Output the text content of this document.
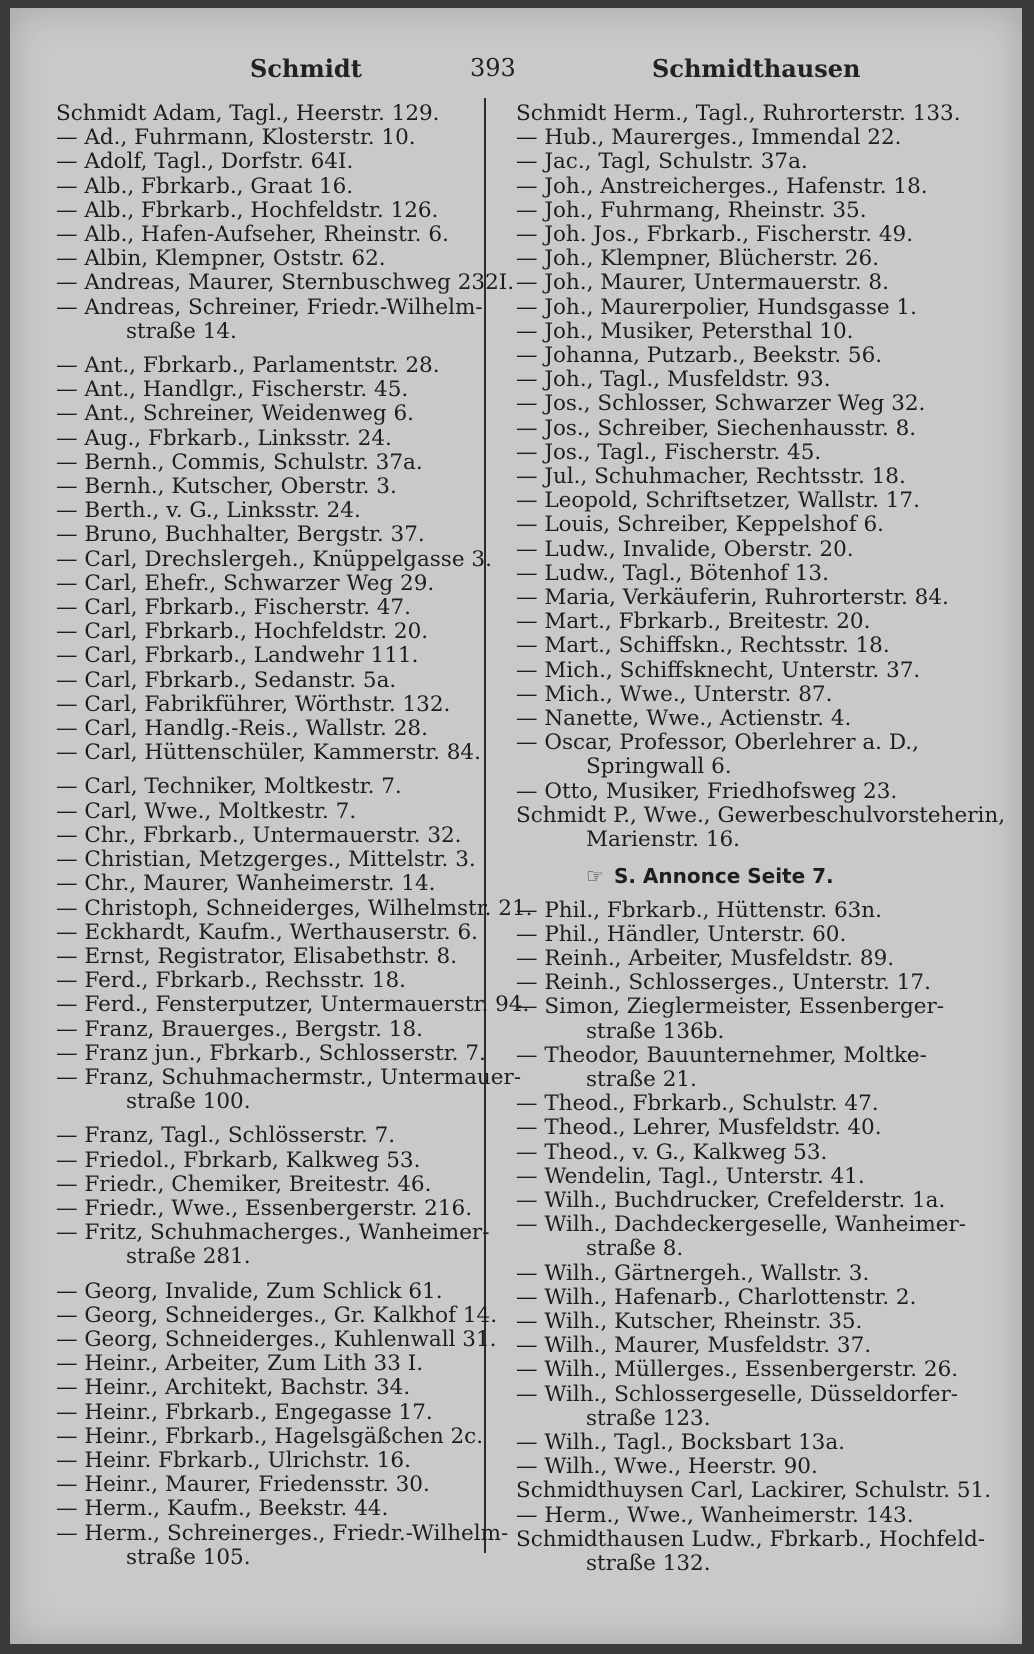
Schmidt	393	Schmidthausen
Schmidt Adam, Tagl., Heerstr. 129.
— Ad., Fuhrmann, Klosterstr. 10.
— Adolf, Tagl., Dorfstr. 64I.
— Alb., Fbrkarb., Graat 16.
— Alb., Fbrkarb., Hochfeldstr. 126.
— Alb., Hafen-Aufseher, Rheinstr. 6.
— Albin, Klempner, Oststr. 62.
— Andreas, Maurer, Sternbuschweg 232I.
— Andreas, Schreiner, Friedr.-Wilhelm-
straße 14.
— Ant., Fbrkarb., Parlamentstr. 28.
— Ant., Handlgr., Fischerstr. 45.
— Ant., Schreiner, Weidenweg 6.
— Aug., Fbrkarb., Linksstr. 24.
— Bernh., Commis, Schulstr. 37a.
— Bernh., Kutscher, Oberstr. 3.
— Berth., v. G., Linksstr. 24.
— Bruno, Buchhalter, Bergstr. 37.
— Carl, Drechslergeh., Knüppelgasse 3.
— Carl, Ehefr., Schwarzer Weg 29.
— Carl, Fbrkarb., Fischerstr. 47.
— Carl, Fbrkarb., Hochfeldstr. 20.
— Carl, Fbrkarb., Landwehr 111.
— Carl, Fbrkarb., Sedanstr. 5a.
— Carl, Fabrikführer, Wörthstr. 132.
— Carl, Handlg.-Reis., Wallstr. 28.
— Carl, Hüttenschüler, Kammerstr. 84.
— Carl, Techniker, Moltkestr. 7.
— Carl, Wwe., Moltkestr. 7.
— Chr., Fbrkarb., Untermauerstr. 32.
— Christian, Metzgerges., Mittelstr. 3.
— Chr., Maurer, Wanheimerstr. 14.
— Christoph, Schneiderges, Wilhelmstr. 21.
— Eckhardt, Kaufm., Werthauserstr. 6.
— Ernst, Registrator, Elisabethstr. 8.
— Ferd., Fbrkarb., Rechsstr. 18.
— Ferd., Fensterputzer, Untermauerstr. 94.
— Franz, Brauerges., Bergstr. 18.
— Franz jun., Fbrkarb., Schlosserstr. 7.
— Franz, Schuhmachermstr., Untermauer-
straße 100.
— Franz, Tagl., Schlösserstr. 7.
— Friedol., Fbrkarb, Kalkweg 53.
— Friedr., Chemiker, Breitestr. 46.
— Friedr., Wwe., Essenbergerstr. 216.
— Fritz, Schuhmacherges., Wanheimer-
straße 281.
— Georg, Invalide, Zum Schlick 61.
— Georg, Schneiderges., Gr. Kalkhof 14.
— Georg, Schneiderges., Kuhlenwall 31.
— Heinr., Arbeiter, Zum Lith 33 I.
— Heinr., Architekt, Bachstr. 34.
— Heinr., Fbrkarb., Engegasse 17.
— Heinr., Fbrkarb., Hagelsgäßchen 2c.
— Heinr. Fbrkarb., Ulrichstr. 16.
— Heinr., Maurer, Friedensstr. 30.
— Herm., Kaufm., Beekstr. 44.
— Herm., Schreinerges., Friedr.-Wilhelm-
straße 105.
Schmidt Herm., Tagl., Ruhrorterstr. 133.
— Hub., Maurerges., Immendal 22.
— Jac., Tagl, Schulstr. 37a.
— Joh., Anstreicherges., Hafenstr. 18.
— Joh., Fuhrmang, Rheinstr. 35.
— Joh. Jos., Fbrkarb., Fischerstr. 49.
— Joh., Klempner, Blücherstr. 26.
— Joh., Maurer, Untermauerstr. 8.
— Joh., Maurerpolier, Hundsgasse 1.
— Joh., Musiker, Petersthal 10.
— Johanna, Putzarb., Beekstr. 56.
— Joh., Tagl., Musfeldstr. 93.
— Jos., Schlosser, Schwarzer Weg 32.
— Jos., Schreiber, Siechenhausstr. 8.
— Jos., Tagl., Fischerstr. 45.
— Jul., Schuhmacher, Rechtsstr. 18.
— Leopold, Schriftsetzer, Wallstr. 17.
— Louis, Schreiber, Keppelshof 6.
— Ludw., Invalide, Oberstr. 20.
— Ludw., Tagl., Bötenhof 13.
— Maria, Verkäuferin, Ruhrorterstr. 84.
— Mart., Fbrkarb., Breitestr. 20.
— Mart., Schiffskn., Rechtsstr. 18.
— Mich., Schiffsknecht, Unterstr. 37.
— Mich., Wwe., Unterstr. 87.
— Nanette, Wwe., Actienstr. 4.
— Oscar, Professor, Oberlehrer a. D.,
Springwall 6.
— Otto, Musiker, Friedhofsweg 23.
Schmidt P., Wwe., Gewerbeschulvorsteherin,
Marienstr. 16.
☞ S. Annonce Seite 7.
— Phil., Fbrkarb., Hüttenstr. 63n.
— Phil., Händler, Unterstr. 60.
— Reinh., Arbeiter, Musfeldstr. 89.
— Reinh., Schlosserges., Unterstr. 17.
— Simon, Zieglermeister, Essenberger-
straße 136b.
— Theodor, Bauunternehmer, Moltke-
straße 21.
— Theod., Fbrkarb., Schulstr. 47.
— Theod., Lehrer, Musfeldstr. 40.
— Theod., v. G., Kalkweg 53.
— Wendelin, Tagl., Unterstr. 41.
— Wilh., Buchdrucker, Crefelderstr. 1a.
— Wilh., Dachdeckergeselle, Wanheimer-
straße 8.
— Wilh., Gärtnergeh., Wallstr. 3.
— Wilh., Hafenarb., Charlottenstr. 2.
— Wilh., Kutscher, Rheinstr. 35.
— Wilh., Maurer, Musfeldstr. 37.
— Wilh., Müllerges., Essenbergerstr. 26.
— Wilh., Schlossergeselle, Düsseldorfer-
straße 123.
— Wilh., Tagl., Bocksbart 13a.
— Wilh., Wwe., Heerstr. 90.
Schmidthuysen Carl, Lackirer, Schulstr. 51.
— Herm., Wwe., Wanheimerstr. 143.
Schmidthausen Ludw., Fbrkarb., Hochfeld-
straße 132.
